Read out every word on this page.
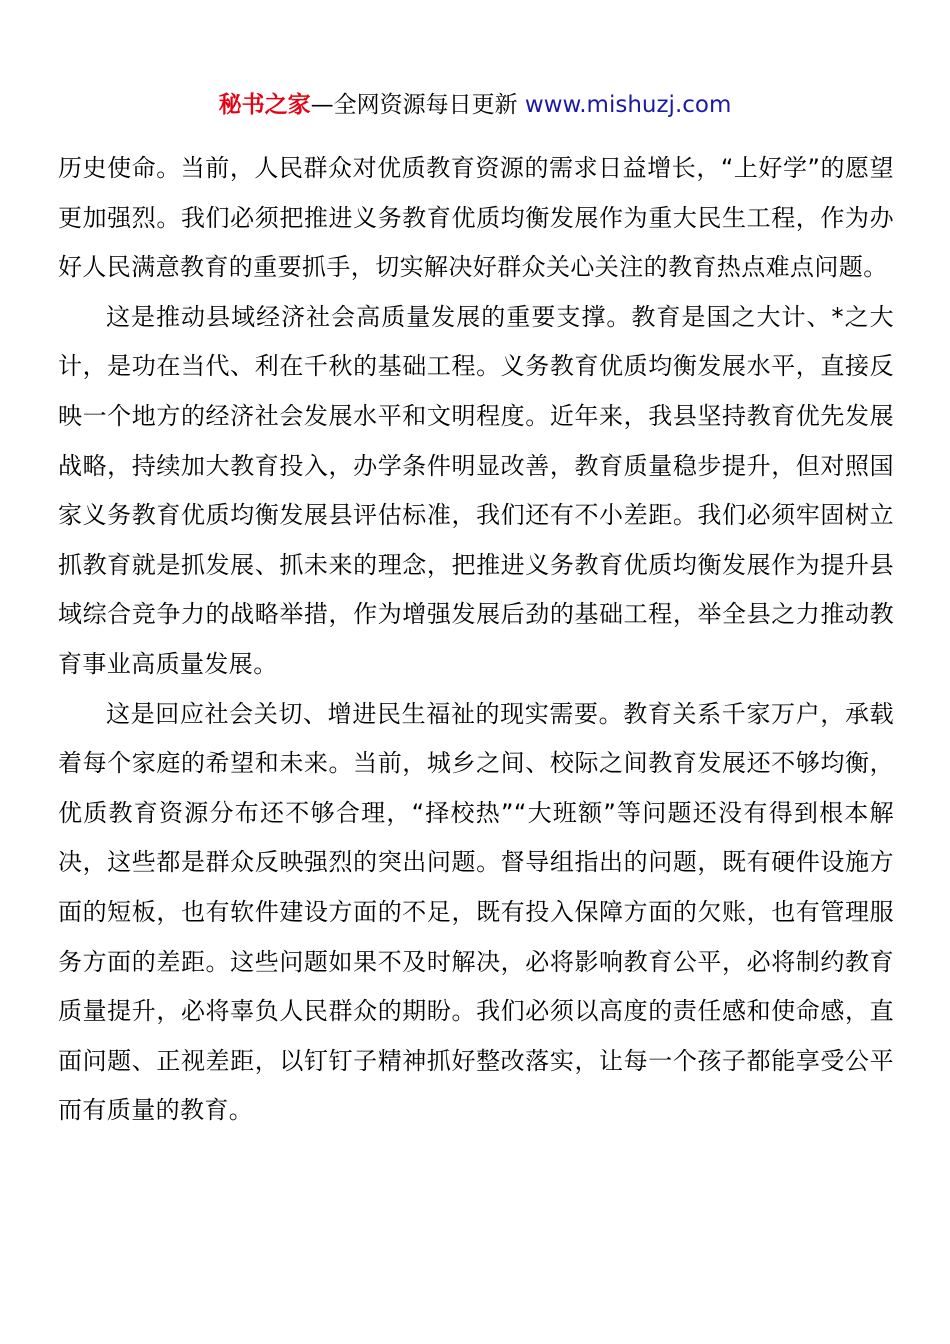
秘书之家—全网资源每日更新 www.mishuzj.com

历史使命。当前，人民群众对优质教育资源的需求日益增长，“上好学”的愿望更加强烈。我们必须把推进义务教育优质均衡发展作为重大民生工程，作为办好人民满意教育的重要抓手，切实解决好群众关心关注的教育热点难点问题。

这是推动县域经济社会高质量发展的重要支撑。教育是国之大计、*之大计，是功在当代、利在千秋的基础工程。义务教育优质均衡发展水平，直接反映一个地方的经济社会发展水平和文明程度。近年来，我县坚持教育优先发展战略，持续加大教育投入，办学条件明显改善，教育质量稳步提升，但对照国家义务教育优质均衡发展县评估标准，我们还有不小差距。我们必须牢固树立抓教育就是抓发展、抓未来的理念，把推进义务教育优质均衡发展作为提升县域综合竞争力的战略举措，作为增强发展后劲的基础工程，举全县之力推动教育事业高质量发展。

这是回应社会关切、增进民生福祉的现实需要。教育关系千家万户，承载着每个家庭的希望和未来。当前，城乡之间、校际之间教育发展还不够均衡，优质教育资源分布还不够合理，“择校热”“大班额”等问题还没有得到根本解决，这些都是群众反映强烈的突出问题。督导组指出的问题，既有硬件设施方面的短板，也有软件建设方面的不足，既有投入保障方面的欠账，也有管理服务方面的差距。这些问题如果不及时解决，必将影响教育公平，必将制约教育质量提升，必将辜负人民群众的期盼。我们必须以高度的责任感和使命感，直面问题、正视差距，以钉钉子精神抓好整改落实，让每一个孩子都能享受公平而有质量的教育。
